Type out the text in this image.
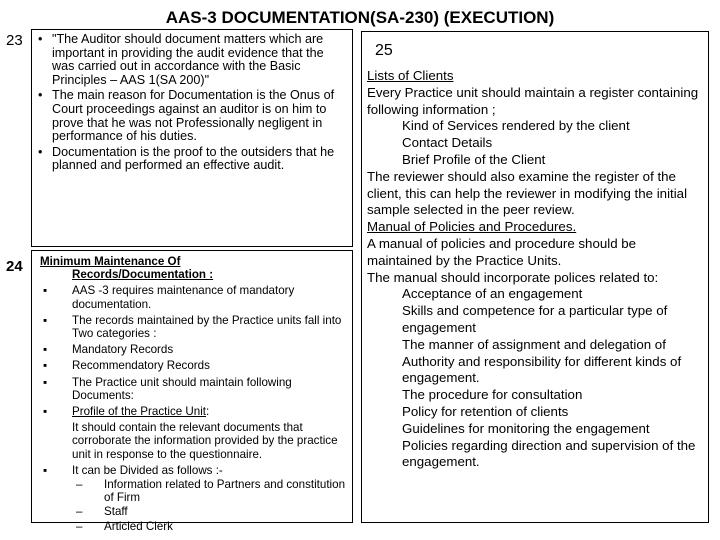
AAS-3 DOCUMENTATION(SA-230) (EXECUTION)
23 • "The Auditor should document matters which are important in providing the audit evidence that the was carried out in accordance with the Basic Principles – AAS 1(SA 200)"
• The main reason for Documentation is the Onus of Court proceedings against an auditor is on him to prove that he was not Professionally negligent in performance of his duties.
• Documentation is the proof to the outsiders that he planned and performed an effective audit.
24 Minimum Maintenance Of
Records/Documentation :
▪ AAS -3 requires maintenance of mandatory documentation.
▪ The records maintained by the Practice units fall into Two categories :
▪ Mandatory Records
▪ Recommendatory Records
▪ The Practice unit should maintain following Documents:
▪ Profile of the Practice Unit:
It should contain the relevant documents that corroborate the information provided by the practice unit in response to the questionnaire.
▪ It can be Divided as follows :-
– Information related to Partners and constitution of Firm
– Staff
– Articled Clerk
25
Lists of Clients
Every Practice unit should maintain a register containing following information ;
Kind of Services rendered by the client
Contact Details
Brief Profile of the Client
The reviewer should also examine the register of the client, this can help the reviewer in modifying the initial sample selected in the peer review.
Manual of Policies and Procedures.
A manual of policies and procedure should be maintained by the Practice Units.
The manual should incorporate polices related to:
Acceptance of an engagement
Skills and competence for a particular type of engagement
The manner of assignment and delegation of Authority and responsibility for different kinds of engagement.
The procedure for consultation
Policy for retention of clients
Guidelines for monitoring the engagement
Policies regarding direction and supervision of the engagement.
